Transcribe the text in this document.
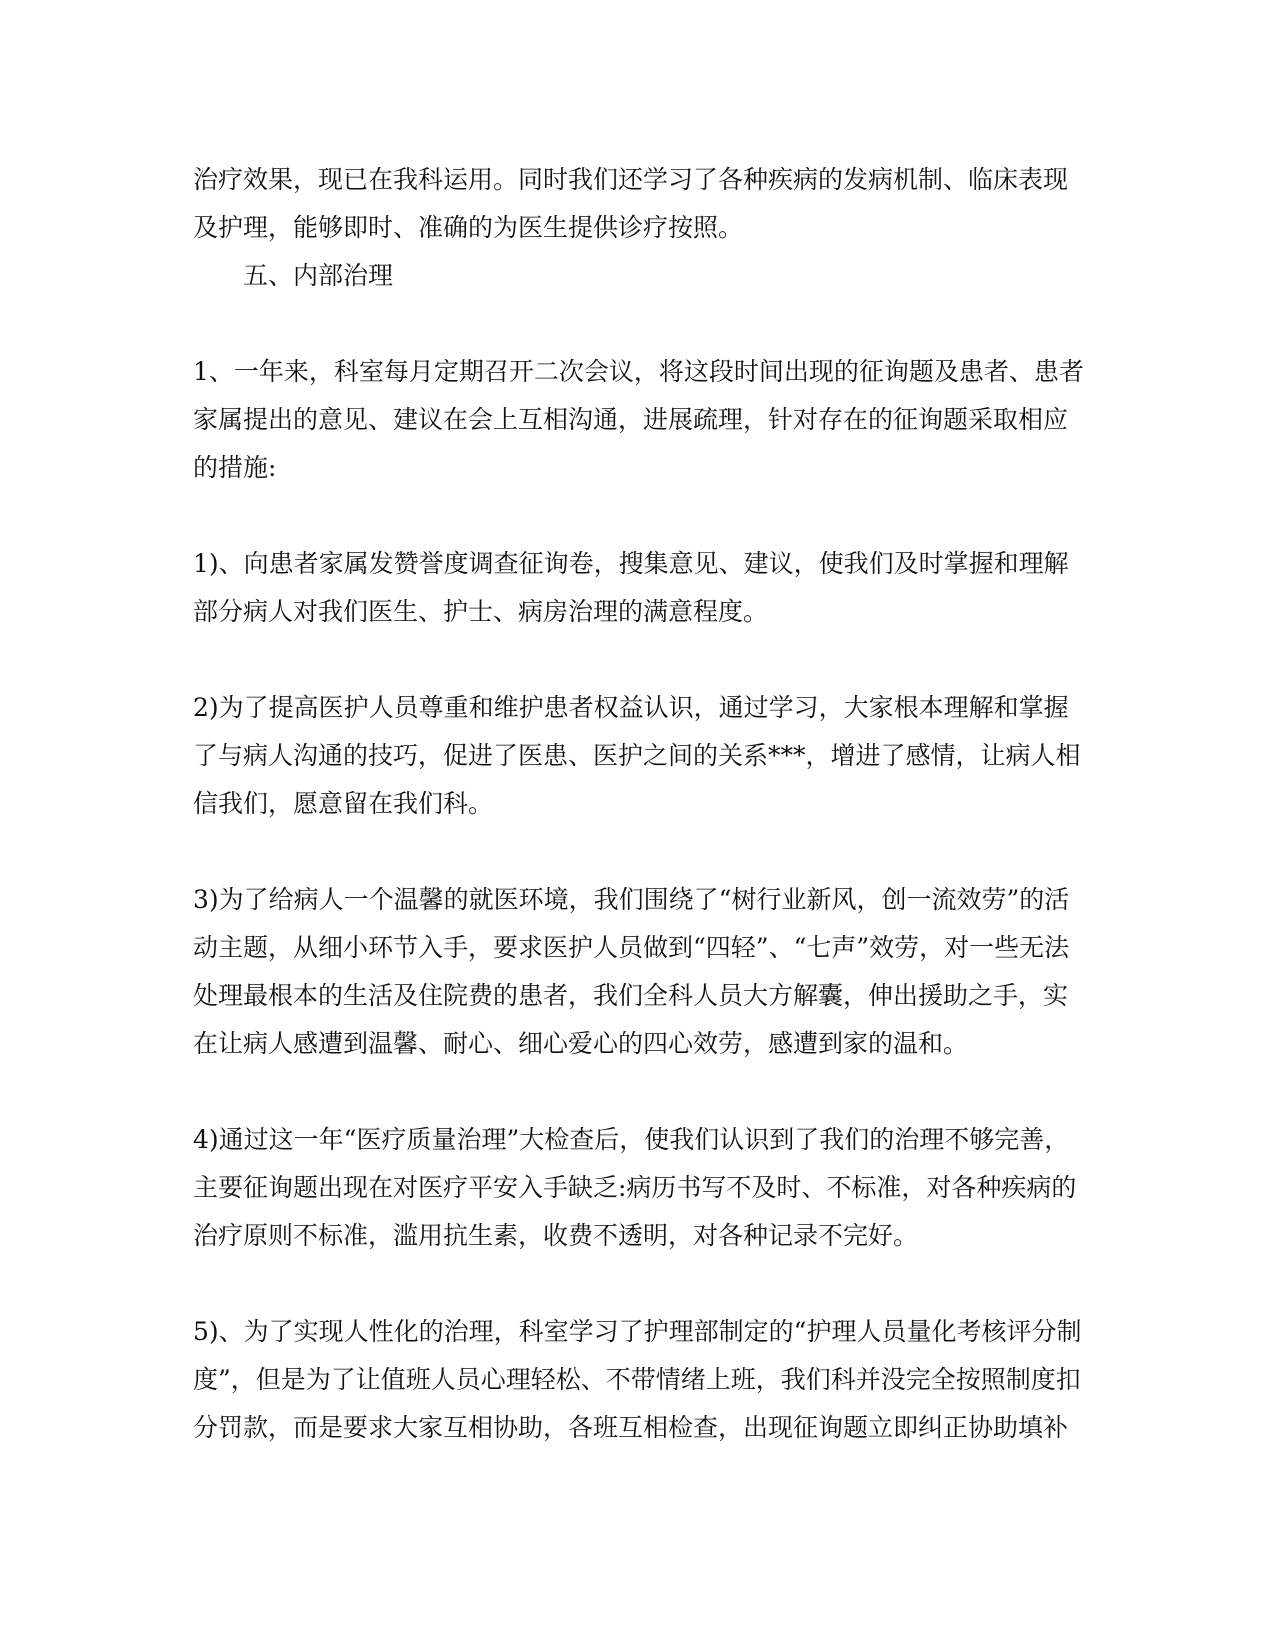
治疗效果，现已在我科运用。同时我们还学习了各种疾病的发病机制、临床表现
及护理，能够即时、准确的为医生提供诊疗按照。
五、内部治理
1、一年来，科室每月定期召开二次会议，将这段时间出现的征询题及患者、患者
家属提出的意见、建议在会上互相沟通，进展疏理，针对存在的征询题采取相应
的措施:
1)、向患者家属发赞誉度调查征询卷，搜集意见、建议，使我们及时掌握和理解
部分病人对我们医生、护士、病房治理的满意程度。
2)为了提高医护人员尊重和维护患者权益认识，通过学习，大家根本理解和掌握
了与病人沟通的技巧，促进了医患、医护之间的关系***，增进了感情，让病人相
信我们，愿意留在我们科。
3)为了给病人一个温馨的就医环境，我们围绕了“树行业新风，创一流效劳”的活
动主题，从细小环节入手，要求医护人员做到“四轻”、“七声”效劳，对一些无法
处理最根本的生活及住院费的患者，我们全科人员大方解囊，伸出援助之手，实
在让病人感遭到温馨、耐心、细心爱心的四心效劳，感遭到家的温和。
4)通过这一年“医疗质量治理”大检查后，使我们认识到了我们的治理不够完善，
主要征询题出现在对医疗平安入手缺乏:病历书写不及时、不标准，对各种疾病的
治疗原则不标准，滥用抗生素，收费不透明，对各种记录不完好。
5)、为了实现人性化的治理，科室学习了护理部制定的“护理人员量化考核评分制
度”，但是为了让值班人员心理轻松、不带情绪上班，我们科并没完全按照制度扣
分罚款，而是要求大家互相协助，各班互相检查，出现征询题立即纠正协助填补
